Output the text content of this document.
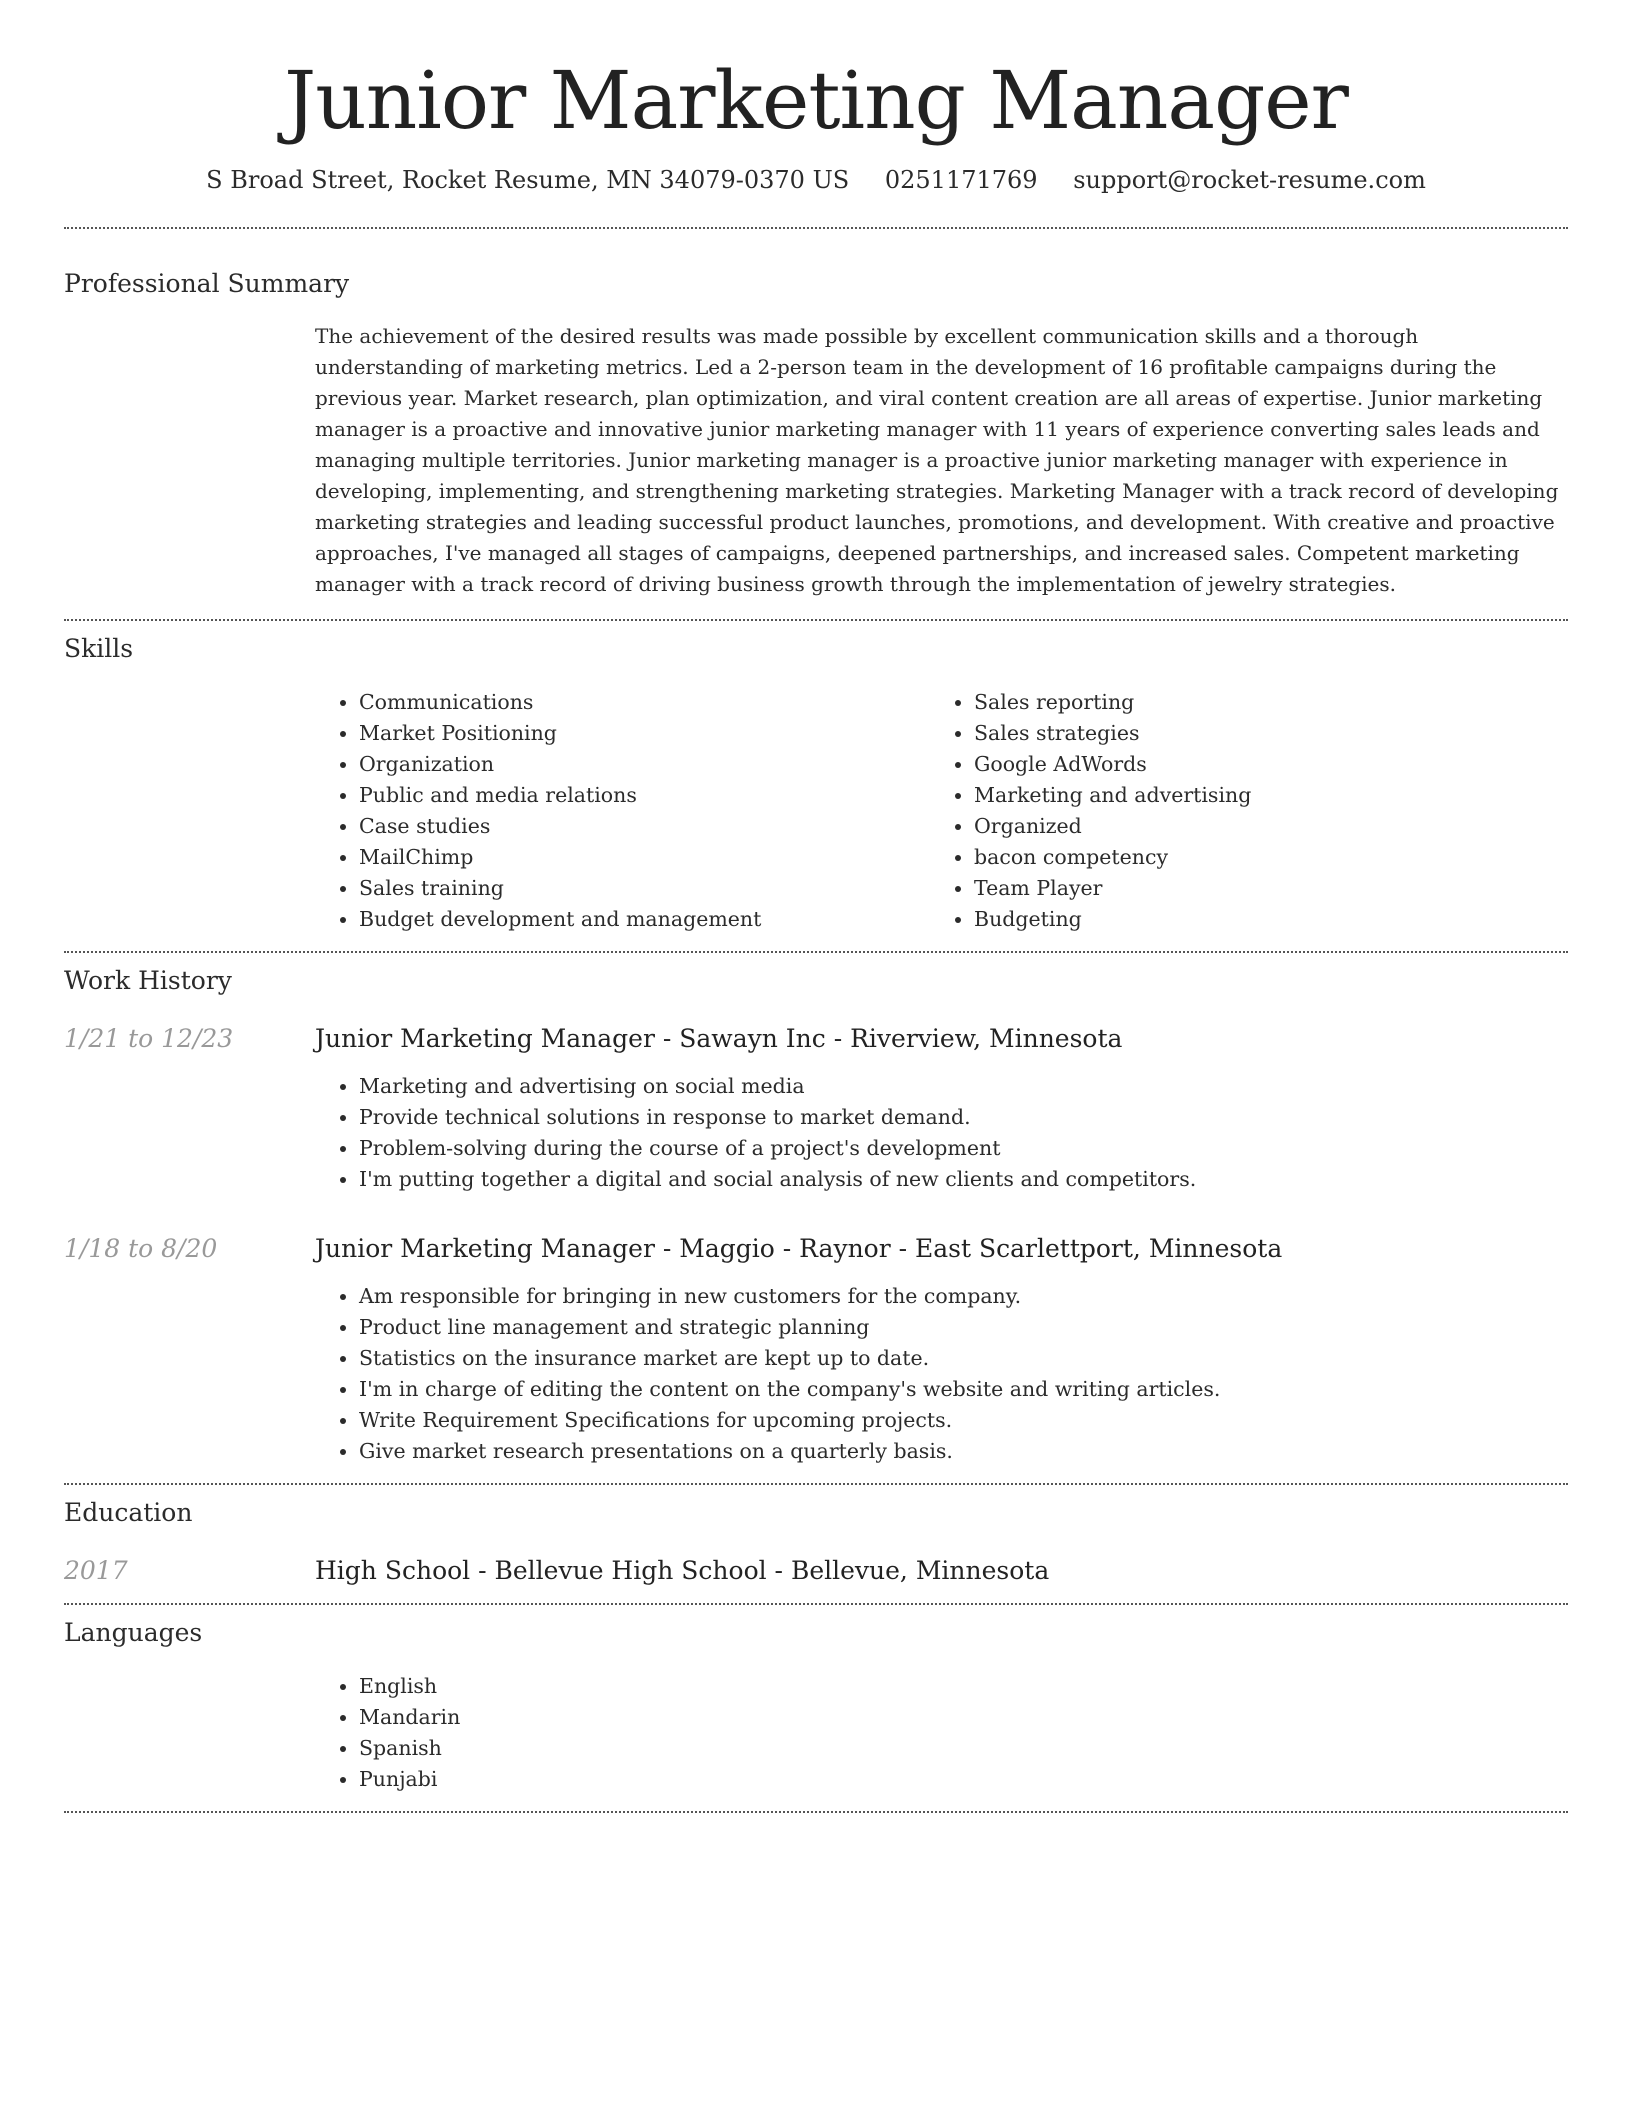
Junior Marketing Manager
S Broad Street, Rocket Resume, MN 34079-0370 US 0251171769 support@rocket-resume.com
Professional Summary

The achievement of the desired results was made possible by excellent communication skills and a thorough understanding of marketing metrics. Led a 2-person team in the development of 16 profitable campaigns during the previous year. Market research, plan optimization, and viral content creation are all areas of expertise. Junior marketing manager is a proactive and innovative junior marketing manager with 11 years of experience converting sales leads and managing multiple territories. Junior marketing manager is a proactive junior marketing manager with experience in developing, implementing, and strengthening marketing strategies. Marketing Manager with a track record of developing marketing strategies and leading successful product launches, promotions, and development. With creative and proactive approaches, I've managed all stages of campaigns, deepened partnerships, and increased sales. Competent marketing manager with a track record of driving business growth through the implementation of jewelry strategies.

Skills
• Communications
• Market Positioning
• Organization
• Public and media relations
• Case studies
• MailChimp
• Sales training
• Budget development and management
• Sales reporting
• Sales strategies
• Google AdWords
• Marketing and advertising
• Organized
• bacon competency
• Team Player
• Budgeting
Work History
1/21 to 12/23	Junior Marketing Manager - Sawayn Inc - Riverview, Minnesota
• Marketing and advertising on social media
• Provide technical solutions in response to market demand.
• Problem-solving during the course of a project's development
• I'm putting together a digital and social analysis of new clients and competitors.
1/18 to 8/20	Junior Marketing Manager - Maggio - Raynor - East Scarlettport, Minnesota
• Am responsible for bringing in new customers for the company.
• Product line management and strategic planning
• Statistics on the insurance market are kept up to date.
• I'm in charge of editing the content on the company's website and writing articles.
• Write Requirement Specifications for upcoming projects.
• Give market research presentations on a quarterly basis.
Education
2017	High School - Bellevue High School - Bellevue, Minnesota
Languages
• English
• Mandarin
• Spanish
• Punjabi
